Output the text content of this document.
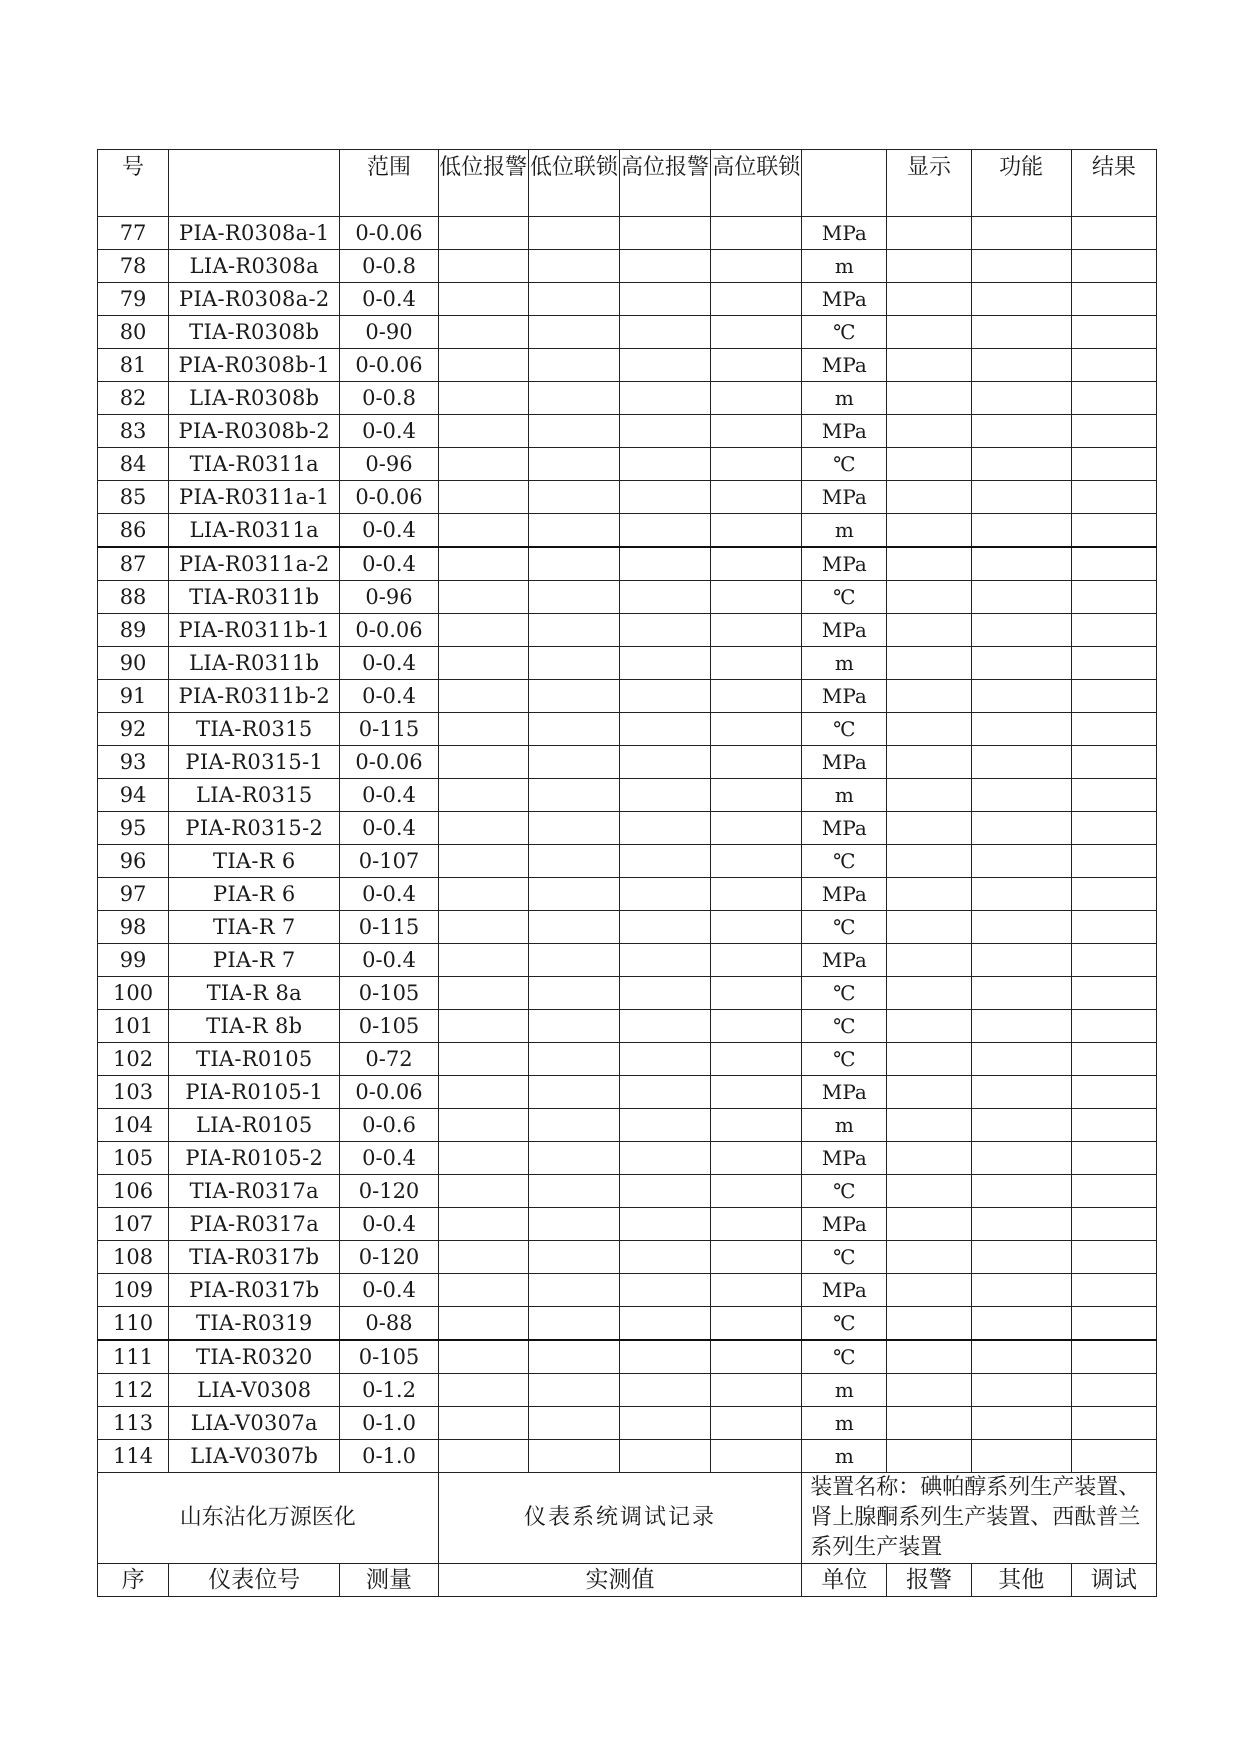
号		范围	低位报警	低位联锁	高位报警	高位联锁		显示	功能	结果
77	PIA-R0308a-1	0-0.06					MPa			
78	LIA-R0308a	0-0.8					m			
79	PIA-R0308a-2	0-0.4					MPa			
80	TIA-R0308b	0-90					℃			
81	PIA-R0308b-1	0-0.06					MPa			
82	LIA-R0308b	0-0.8					m			
83	PIA-R0308b-2	0-0.4					MPa			
84	TIA-R0311a	0-96					℃			
85	PIA-R0311a-1	0-0.06					MPa			
86	LIA-R0311a	0-0.4					m			
87	PIA-R0311a-2	0-0.4					MPa			
88	TIA-R0311b	0-96					℃			
89	PIA-R0311b-1	0-0.06					MPa			
90	LIA-R0311b	0-0.4					m			
91	PIA-R0311b-2	0-0.4					MPa			
92	TIA-R0315	0-115					℃			
93	PIA-R0315-1	0-0.06					MPa			
94	LIA-R0315	0-0.4					m			
95	PIA-R0315-2	0-0.4					MPa			
96	TIA-R 6	0-107					℃			
97	PIA-R 6	0-0.4					MPa			
98	TIA-R 7	0-115					℃			
99	PIA-R 7	0-0.4					MPa			
100	TIA-R 8a	0-105					℃			
101	TIA-R 8b	0-105					℃			
102	TIA-R0105	0-72					℃			
103	PIA-R0105-1	0-0.06					MPa			
104	LIA-R0105	0-0.6					m			
105	PIA-R0105-2	0-0.4					MPa			
106	TIA-R0317a	0-120					℃			
107	PIA-R0317a	0-0.4					MPa			
108	TIA-R0317b	0-120					℃			
109	PIA-R0317b	0-0.4					MPa			
110	TIA-R0319	0-88					℃			
111	TIA-R0320	0-105					℃			
112	LIA-V0308	0-1.2					m			
113	LIA-V0307a	0-1.0					m			
114	LIA-V0307b	0-1.0					m			
山东沾化万源医化			仪表系统调试记录				装置名称：碘帕醇系列生产装置、肾上腺酮系列生产装置、西酞普兰系列生产装置			
序	仪表位号	测量	实测值				单位	报警	其他	调试
